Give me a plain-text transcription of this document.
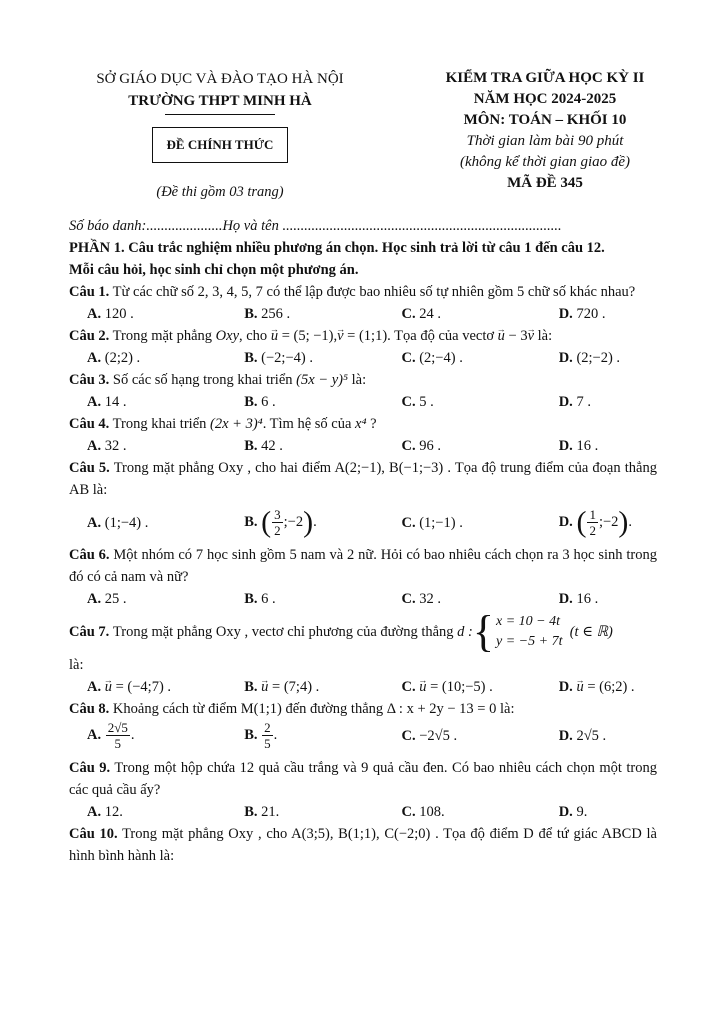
SỞ GIÁO DỤC VÀ ĐÀO TẠO HÀ NỘI
TRƯỜNG THPT MINH HÀ
ĐỀ CHÍNH THỨC
(Đề thi gồm 03 trang)
KIỂM TRA GIỮA HỌC KỲ II
NĂM HỌC 2024-2025
MÔN: TOÁN – KHỐI 10
Thời gian làm bài 90 phút
(không kể thời gian giao đề)
MÃ ĐỀ 345
Số báo danh:.....................Họ và tên .............................................................................
PHẦN 1. Câu trắc nghiệm nhiều phương án chọn. Học sinh trả lời từ câu 1 đến câu 12.
Mỗi câu hỏi, học sinh chỉ chọn một phương án.
Câu 1. Từ các chữ số 2, 3, 4, 5, 7 có thể lập được bao nhiêu số tự nhiên gồm 5 chữ số khác nhau?
A. 120 .	B. 256 .	C. 24 .	D. 720 .
Câu 2. Trong mặt phẳng Oxy, cho → u = (5; −1),→ v = (1;1). Tọa độ của vectơ → u − 3→ v là:
A. (2;2) .	B. (−2;−4) .	C. (2;−4) .	D. (2;−2) .
Câu 3. Số các số hạng trong khai triển (5x − y)⁵ là:
A. 14 .	B. 6 .	C. 5 .	D. 7 .
Câu 4. Trong khai triển (2x + 3)⁴. Tìm hệ số của x⁴ ?
A. 32 .	B. 42 .	C. 96 .	D. 16 .
Câu 5. Trong mặt phẳng Oxy , cho hai điểm A(2;−1), B(−1;−3) . Tọa độ trung điểm của đoạn thẳng AB là:
A. (1;−4) .	B. ( $\frac{3}{2}$ ;−2).	C. (1;−1) .	D. ( $\frac{1}{2}$ ;−2).
Câu 6. Một nhóm có 7 học sinh gồm 5 nam và 2 nữ. Hỏi có bao nhiêu cách chọn ra 3 học sinh trong đó có cả nam và nữ?
A. 25 .	B. 6 .	C. 32 .	D. 16 .
Câu 7.
Trong mặt phẳng Oxy , vectơ chỉ phương của đường thẳng
d : { x = 10 − 4t
y = −5 + 7t

(t ∈ ℝ)
là:
A. → u = (−4;7) .	B. → u = (7;4) .	C. → u = (10;−5) .	D. → u = (6;2) .
Câu 8. Khoảng cách từ điểm M(1;1) đến đường thẳng Δ : x + 2y − 13 = 0 là:
A. $\frac{2√5}{5}$ .	B. $\frac{2}{5}$ .	C. −2√5 .	D. 2√5 .
Câu 9. Trong một hộp chứa 12 quả cầu trắng và 9 quả cầu đen. Có bao nhiêu cách chọn một trong các quả cầu ấy?
A. 12.	B. 21.	C. 108.	D. 9.
Câu 10. Trong mặt phẳng Oxy , cho A(3;5), B(1;1), C(−2;0) . Tọa độ điểm D để tứ giác ABCD là hình bình hành là:
